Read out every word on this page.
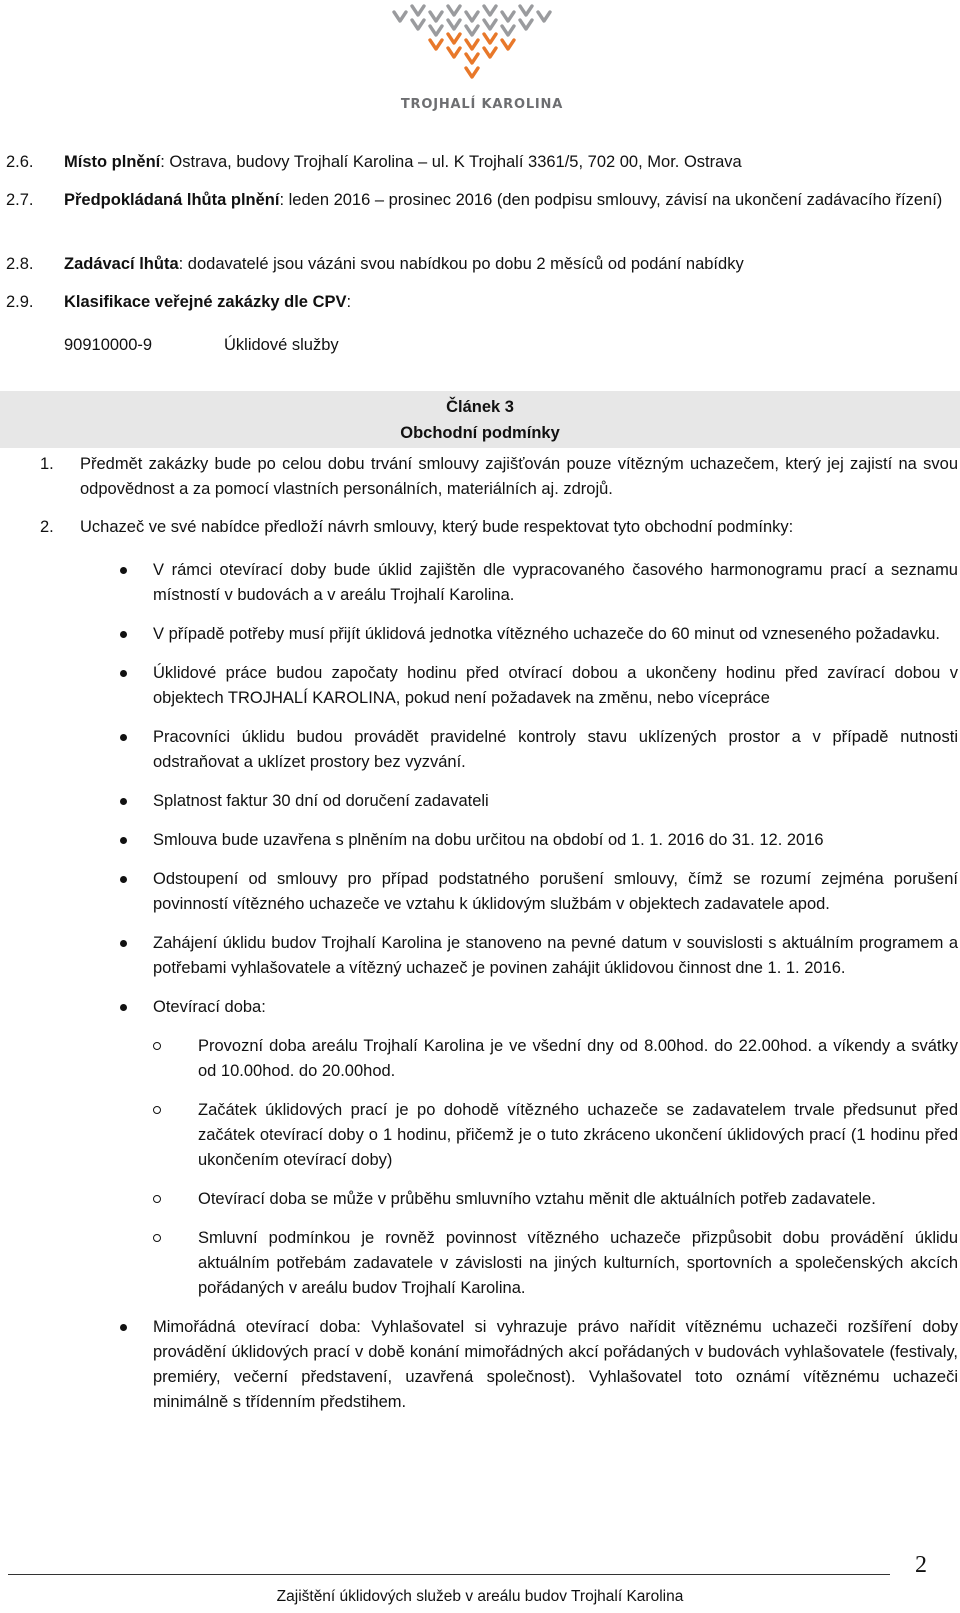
TROJHALÍ KAROLINA
2.6. Místo plnění: Ostrava, budovy Trojhalí Karolina – ul. K Trojhalí 3361/5, 702 00, Mor. Ostrava
2.7. Předpokládaná lhůta plnění: leden 2016 – prosinec 2016 (den podpisu smlouvy, závisí na ukončení zadávacího řízení)
2.8. Zadávací lhůta: dodavatelé jsou vázáni svou nabídkou po dobu 2 měsíců od podání nabídky
2.9. Klasifikace veřejné zakázky dle CPV:
90910000-9	Úklidové služby
Článek 3
Obchodní podmínky
1. Předmět zakázky bude po celou dobu trvání smlouvy zajišťován pouze vítězným uchazečem, který jej zajistí na svou odpovědnost a za pomocí vlastních personálních, materiálních aj. zdrojů.
2. Uchazeč ve své nabídce předloží návrh smlouvy, který bude respektovat tyto obchodní podmínky:
V rámci otevírací doby bude úklid zajištěn dle vypracovaného časového harmonogramu prací a seznamu místností v budovách a v areálu Trojhalí Karolina.
V případě potřeby musí přijít úklidová jednotka vítězného uchazeče do 60 minut od vzneseného požadavku.
Úklidové práce budou započaty hodinu před otvírací dobou a ukončeny hodinu před zavírací dobou v objektech TROJHALÍ KAROLINA, pokud není požadavek na změnu, nebo vícepráce
Pracovníci úklidu budou provádět pravidelné kontroly stavu uklízených prostor a v případě nutnosti odstraňovat a uklízet prostory bez vyzvání.
Splatnost faktur 30 dní od doručení zadavateli
Smlouva bude uzavřena s plněním na dobu určitou na období od 1. 1. 2016 do 31. 12. 2016
Odstoupení od smlouvy pro případ podstatného porušení smlouvy, čímž se rozumí zejména porušení povinností vítězného uchazeče ve vztahu k úklidovým službám v objektech zadavatele apod.
Zahájení úklidu budov Trojhalí Karolina je stanoveno na pevné datum v souvislosti s aktuálním programem a potřebami vyhlašovatele a vítězný uchazeč je povinen zahájit úklidovou činnost dne 1. 1. 2016.
Otevírací doba:
Provozní doba areálu Trojhalí Karolina je ve všední dny od 8.00hod. do 22.00hod. a víkendy a svátky od 10.00hod. do 20.00hod.
Začátek úklidových prací je po dohodě vítězného uchazeče se zadavatelem trvale předsunut před začátek otevírací doby o 1 hodinu, přičemž je o tuto zkráceno ukončení úklidových prací (1 hodinu před ukončením otevírací doby)
Otevírací doba se může v průběhu smluvního vztahu měnit dle aktuálních potřeb zadavatele.
Smluvní podmínkou je rovněž povinnost vítězného uchazeče přizpůsobit dobu provádění úklidu aktuálním potřebám zadavatele v závislosti na jiných kulturních, sportovních a společenských akcích pořádaných v areálu budov Trojhalí Karolina.
Mimořádná otevírací doba: Vyhlašovatel si vyhrazuje právo nařídit vítěznému uchazeči rozšíření doby provádění úklidových prací v době konání mimořádných akcí pořádaných v budovách vyhlašovatele (festivaly, premiéry, večerní představení, uzavřená společnost). Vyhlašovatel toto oznámí vítěznému uchazeči minimálně s třídenním předstihem.
2
Zajištění úklidových služeb v areálu budov Trojhalí Karolina
